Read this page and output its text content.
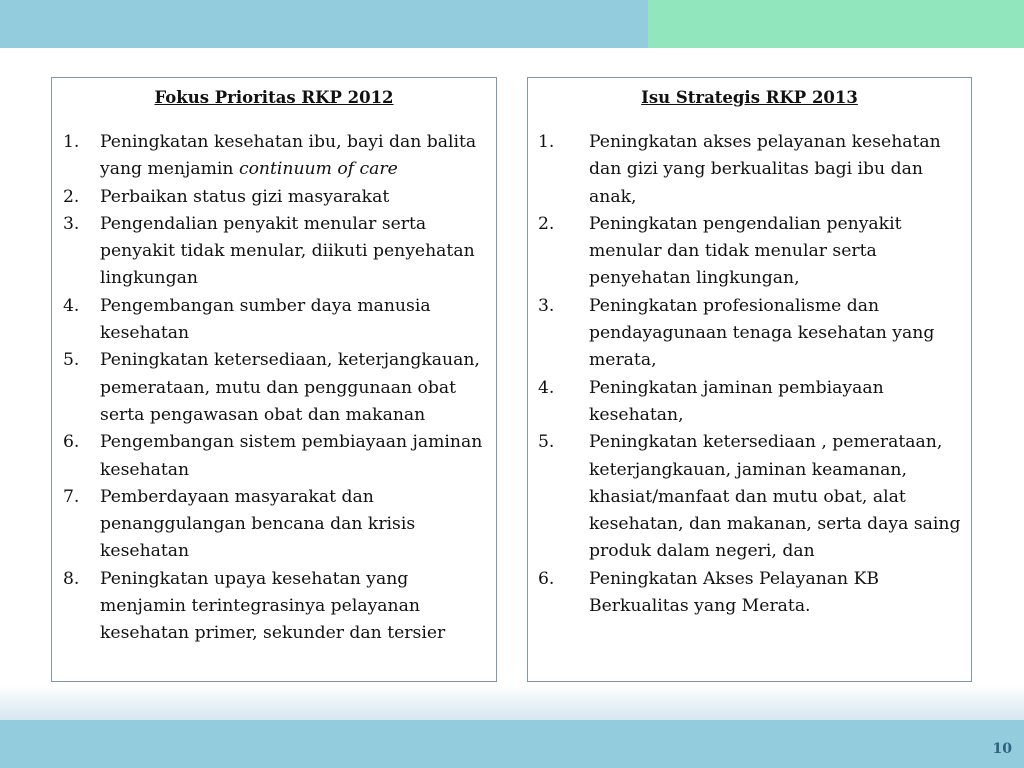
Fokus Prioritas RKP 2012
1. Peningkatan kesehatan ibu, bayi dan balita yang menjamin continuum of care
2. Perbaikan status gizi masyarakat
3. Pengendalian penyakit menular serta penyakit tidak menular, diikuti penyehatan lingkungan
4. Pengembangan sumber daya manusia kesehatan
5. Peningkatan ketersediaan, keterjangkauan, pemerataan, mutu dan penggunaan obat serta pengawasan obat dan makanan
6. Pengembangan sistem pembiayaan jaminan kesehatan
7. Pemberdayaan masyarakat dan penanggulangan bencana dan krisis kesehatan
8. Peningkatan upaya kesehatan yang menjamin terintegrasinya pelayanan kesehatan primer, sekunder dan tersier
Isu Strategis RKP 2013
1. Peningkatan akses pelayanan kesehatan dan gizi yang berkualitas bagi ibu dan anak,
2. Peningkatan pengendalian penyakit menular dan tidak menular serta penyehatan lingkungan,
3. Peningkatan profesionalisme dan pendayagunaan tenaga kesehatan yang merata,
4. Peningkatan jaminan pembiayaan kesehatan,
5. Peningkatan ketersediaan , pemerataan, keterjangkauan, jaminan keamanan, khasiat/manfaat dan mutu obat, alat kesehatan, dan makanan, serta daya saing produk dalam negeri, dan
6. Peningkatan Akses Pelayanan KB Berkualitas yang Merata.
10
